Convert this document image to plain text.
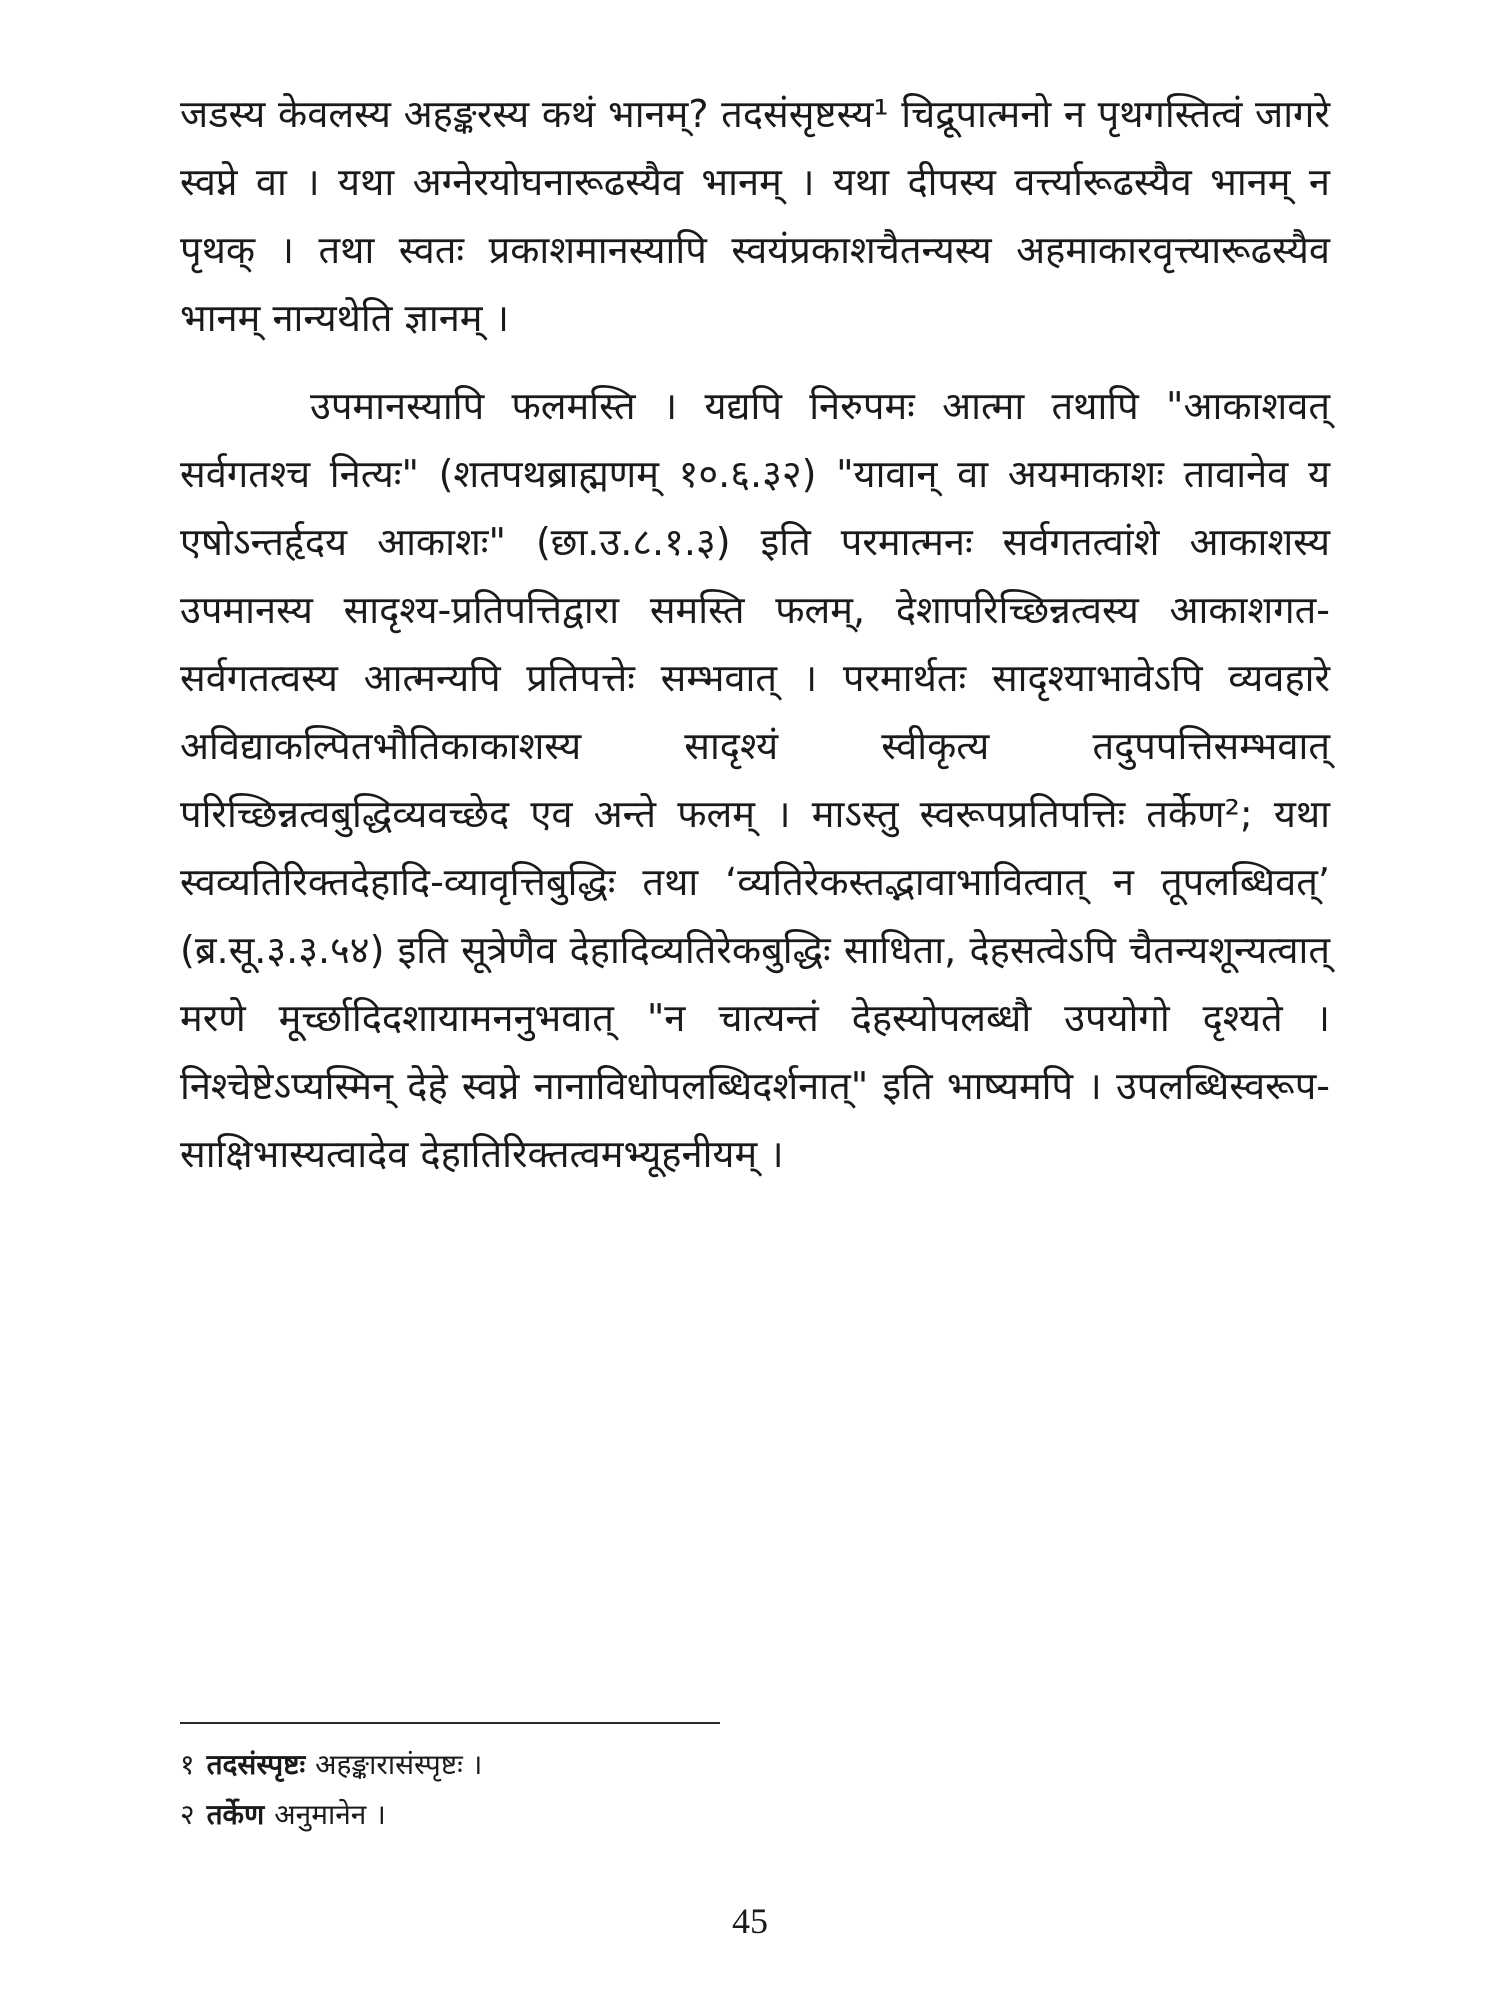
जडस्य केवलस्य अहङ्करस्य कथं भानम्? तदसंसृष्टस्य¹ चिद्रूपात्मनो न पृथगस्तित्वं जागरे स्वप्ने वा । यथा अग्नेरयोघनारूढस्यैव भानम् । यथा दीपस्य वर्त्त्यारूढस्यैव भानम् न पृथक् । तथा स्वतः प्रकाशमानस्यापि स्वयंप्रकाशचैतन्यस्य अहमाकारवृत्त्यारूढस्यैव भानम् नान्यथेति ज्ञानम् ।

उपमानस्यापि फलमस्ति । यद्यपि निरुपमः आत्मा तथापि "आकाशवत् सर्वगतश्च नित्यः" (शतपथब्राह्मणम् १०.६.३२) "यावान् वा अयमाकाशः तावानेव य एषोऽन्तर्हृदय आकाशः" (छा.उ.८.१.३) इति परमात्मनः सर्वगतत्वांशे आकाशस्य उपमानस्य सादृश्य-प्रतिपत्तिद्वारा समस्ति फलम्, देशापरिच्छिन्नत्वस्य आकाशगत-सर्वगतत्वस्य आत्मन्यपि प्रतिपत्तेः सम्भवात् । परमार्थतः सादृश्याभावेऽपि व्यवहारे अविद्याकल्पितभौतिकाकाशस्य सादृश्यं स्वीकृत्य तदुपपत्तिसम्भवात् परिच्छिन्नत्वबुद्धिव्यवच्छेद एव अन्ते फलम् । माऽस्तु स्वरूपप्रतिपत्तिः तर्केण²; यथा स्वव्यतिरिक्तदेहादि-व्यावृत्तिबुद्धिः तथा ‘व्यतिरेकस्तद्भावाभावित्वात् न तूपलब्धिवत्’ (ब्र.सू.३.३.५४) इति सूत्रेणैव देहादिव्यतिरेकबुद्धिः साधिता, देहसत्वेऽपि चैतन्यशून्यत्वात् मरणे मूर्च्छादिदशायामननुभवात् "न चात्यन्तं देहस्योपलब्धौ उपयोगो दृश्यते । निश्चेष्टेऽप्यस्मिन् देहे स्वप्ने नानाविधोपलब्धिदर्शनात्" इति भाष्यमपि । उपलब्धिस्वरूप-साक्षिभास्यत्वादेव देहातिरिक्तत्वमभ्यूहनीयम् ।

१ तदसंस्पृष्टः अहङ्कारासंस्पृष्टः ।

२ तर्केण अनुमानेन ।

45
